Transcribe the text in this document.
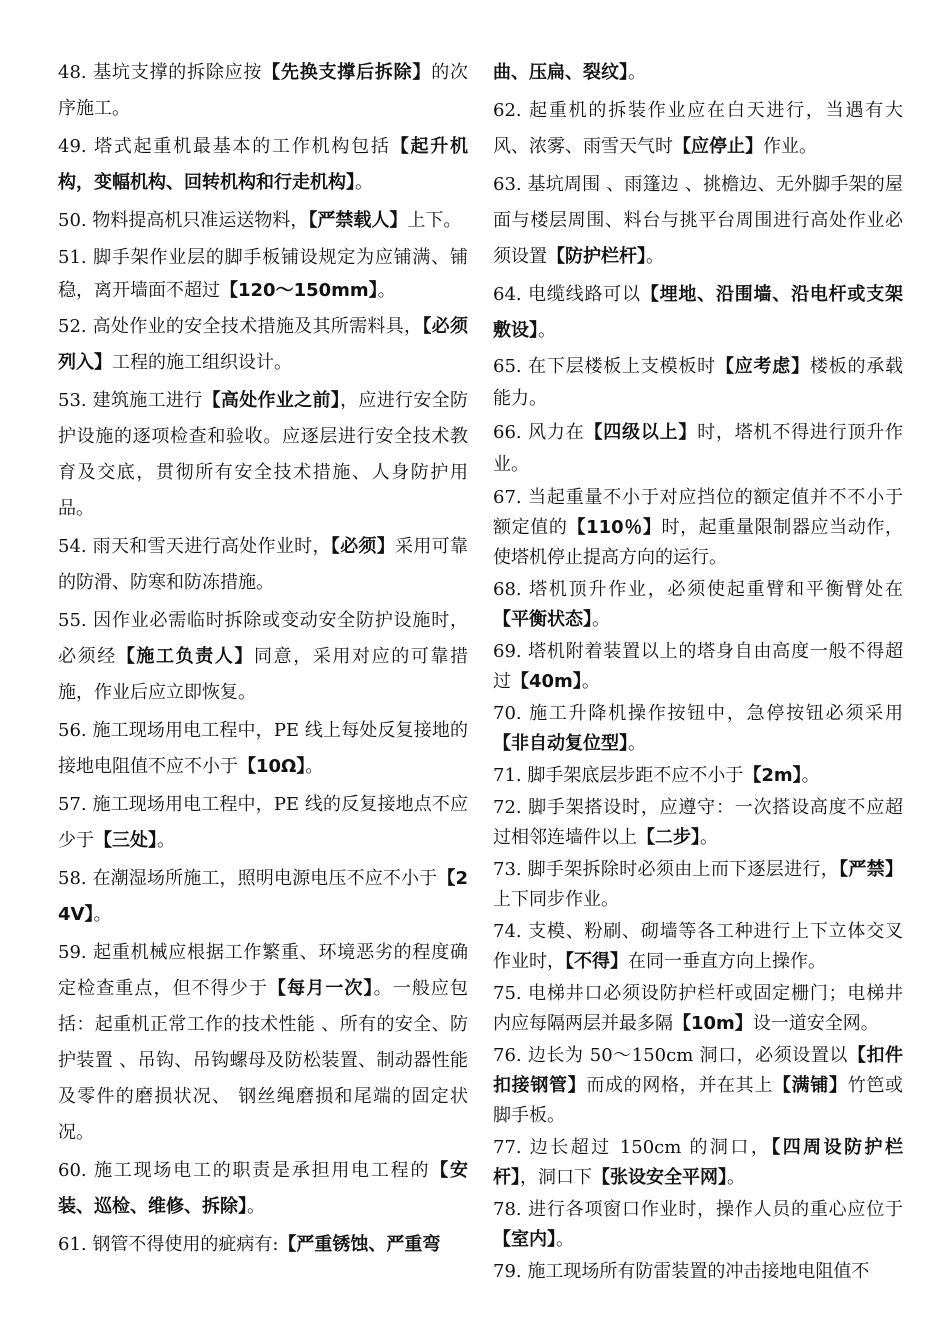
48. 基坑支撑的拆除应按【先换支撑后拆除】的次序施工。

49. 塔式起重机最基本的工作机构包括【起升机构，变幅机构、回转机构和行走机构】。

50. 物料提高机只准运送物料，【严禁载人】上下。

51. 脚手架作业层的脚手板铺设规定为应铺满、铺稳，离开墙面不超过【120～150mm】。

52. 高处作业的安全技术措施及其所需料具，【必须列入】工程的施工组织设计。

53. 建筑施工进行【高处作业之前】，应进行安全防护设施的逐项检查和验收。应逐层进行安全技术教育及交底，贯彻所有安全技术措施、人身防护用品。

54. 雨天和雪天进行高处作业时，【必须】采用可靠的防滑、防寒和防冻措施。

55. 因作业必需临时拆除或变动安全防护设施时，必须经【施工负责人】同意，采用对应的可靠措施，作业后应立即恢复。

56. 施工现场用电工程中，PE 线上每处反复接地的接地电阻值不应不小于【10Ω】。

57. 施工现场用电工程中，PE 线的反复接地点不应少于【三处】。

58. 在潮湿场所施工，照明电源电压不应不小于【24V】。

59. 起重机械应根据工作繁重、环境恶劣的程度确定检查重点，但不得少于【每月一次】。一般应包括：起重机正常工作的技术性能 、所有的安全、防护装置 、吊钩、吊钩螺母及防松装置、制动器性能及零件的磨损状况、 钢丝绳磨损和尾端的固定状况。

60. 施工现场电工的职责是承担用电工程的【安装、巡检、维修、拆除】。

61. 钢管不得使用的疵病有:【严重锈蚀、严重弯

曲、压扁、裂纹】。

62. 起重机的拆装作业应在白天进行，当遇有大风、浓雾、雨雪天气时【应停止】作业。

63. 基坑周围 、雨篷边 、挑檐边、无外脚手架的屋面与楼层周围、料台与挑平台周围进行高处作业必须设置【防护栏杆】。

64. 电缆线路可以【埋地、沿围墙、沿电杆或支架敷设】。

65. 在下层楼板上支模板时【应考虑】楼板的承载能力。

66. 风力在【四级以上】时，塔机不得进行顶升作业。

67. 当起重量不小于对应挡位的额定值并不不小于额定值的【110％】时，起重量限制器应当动作，使塔机停止提高方向的运行。

68. 塔机顶升作业，必须使起重臂和平衡臂处在【平衡状态】。

69. 塔机附着装置以上的塔身自由高度一般不得超过【40m】。

70. 施工升降机操作按钮中，急停按钮必须采用【非自动复位型】。

71. 脚手架底层步距不应不小于【2m】。

72. 脚手架搭设时，应遵守：一次搭设高度不应超过相邻连墙件以上【二步】。

73. 脚手架拆除时必须由上而下逐层进行，【严禁】上下同步作业。

74. 支模、粉刷、砌墙等各工种进行上下立体交叉作业时，【不得】在同一垂直方向上操作。

75. 电梯井口必须设防护栏杆或固定栅门；电梯井内应每隔两层并最多隔【10m】设一道安全网。

76. 边长为 50～150cm 洞口，必须设置以【扣件扣接钢管】而成的网格，并在其上【满铺】竹笆或脚手板。

77. 边长超过 150cm 的洞口，【四周设防护栏杆】，洞口下【张设安全平网】。

78. 进行各项窗口作业时，操作人员的重心应位于【室内】。

79. 施工现场所有防雷装置的冲击接地电阻值不
